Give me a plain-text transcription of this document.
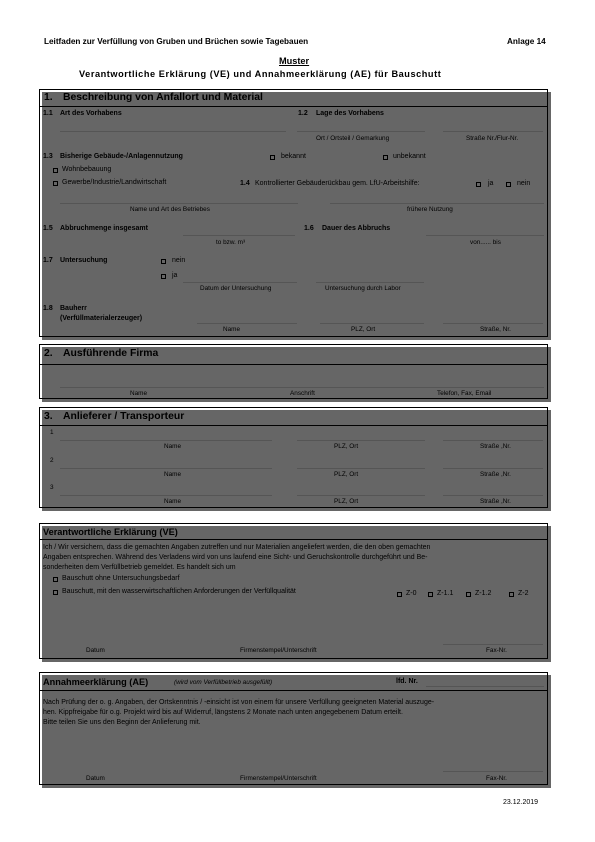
Leitfaden zur Verfüllung von Gruben und Brüchen sowie Tagebauen	Anlage 14
Muster
Verantwortliche Erklärung (VE) und Annahmeerklärung (AE) für Bauschutt
1. Beschreibung von Anfallort und Material
1.1 Art des Vorhabens	1.2 Lage des Vorhabens
Ort / Ortsteil / Gemarkung	Straße Nr./Flur-Nr.
1.3 Bisherige Gebäude-/Anlagennutzung	bekannt	unbekannt
Wohnbebauung
Gewerbe/Industrie/Landwirtschaft	1.4 Kontrollierter Gebäuderückbau gem. LfU-Arbeitshilfe:	ja	nein
Name und Art des Betriebes	frühere Nutzung
1.5 Abbruchmenge insgesamt	1.6 Dauer des Abbruchs
to bzw. m³	von...... bis
1.7 Untersuchung	nein
ja
Datum der Untersuchung	Untersuchung durch Labor
1.8 Bauherr
(Verfüllmaterialerzeuger)
Name	PLZ, Ort	Straße, Nr.
2. Ausführende Firma
Name	Anschrift	Telefon, Fax, Email
3. Anlieferer / Transporteur
1
Name	PLZ, Ort	Straße ,Nr.
2
Name	PLZ, Ort	Straße ,Nr.
3
Name	PLZ, Ort	Straße ,Nr.
Verantwortliche Erklärung (VE)
Ich / Wir versichern, dass die gemachten Angaben zutreffen und nur Materialien angeliefert werden, die den oben gemachten
Angaben entsprechen. Während des Verladens wird von uns laufend eine Sicht- und Geruchskontrolle durchgeführt und Be-
sonderheiten dem Verfüllbetrieb gemeldet. Es handelt sich um
Bauschutt ohne Untersuchungsbedarf
Bauschutt, mit den wasserwirtschaftlichen Anforderungen der Verfüllqualität	Z-0	Z-1.1	Z-1.2	Z-2
Datum	Firmenstempel/Unterschrift	Fax-Nr.
Annahmeerklärung (AE)	(wird vom Verfüllbetrieb ausgefüllt)	lfd. Nr.
Nach Prüfung der o. g. Angaben, der Ortskenntnis / -einsicht ist von einem für unsere Verfüllung geeigneten Material auszuge-
hen. Kippfreigabe für o.g. Projekt wird bis auf Widerruf, längstens 2 Monate nach unten angegebenem Datum erteilt.
Bitte teilen Sie uns den Beginn der Anlieferung mit.
Datum	Firmenstempel/Unterschrift	Fax-Nr.
23.12.2019
